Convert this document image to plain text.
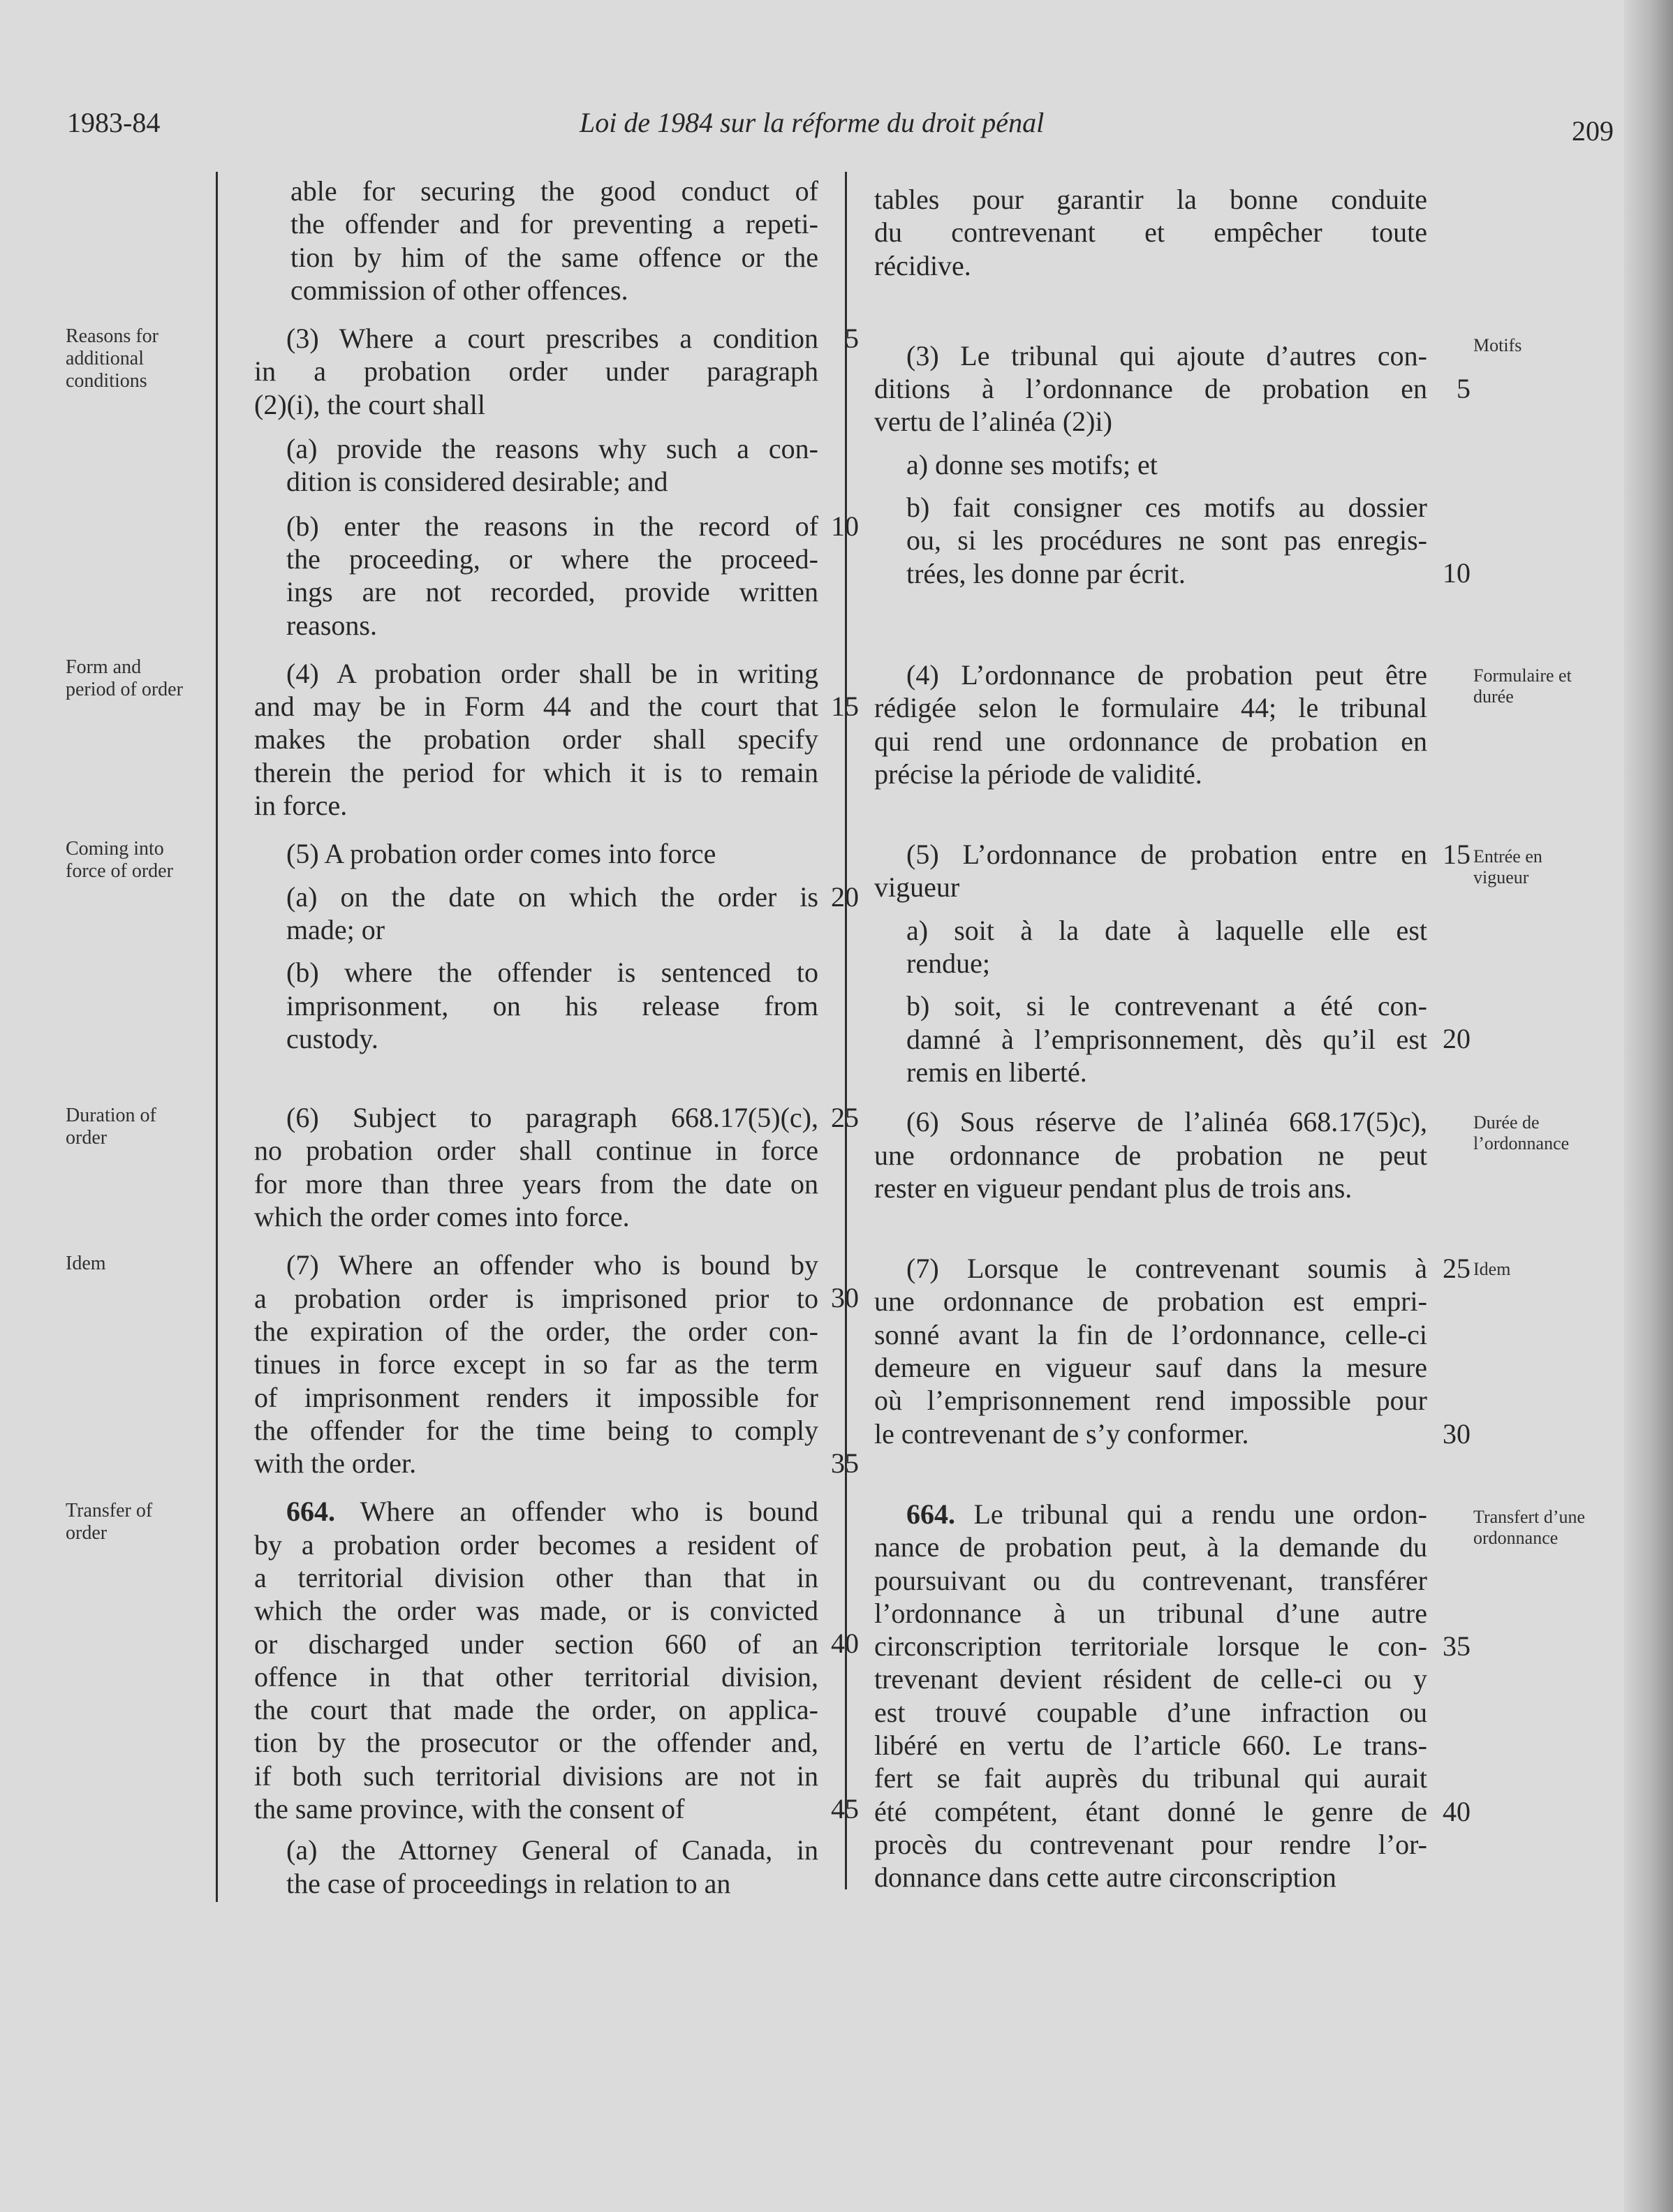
1983-84	Loi de 1984 sur la réforme du droit pénal	209
Reasons for
additional
conditions
Form and
period of order
Coming into
force of order
Duration of
order
Idem
Transfer of
order
Motifs
Formulaire et
durée
Entrée en
vigueur
Durée de
l’ordonnance
Idem
Transfert d’une
ordonnance

able for securing the good conduct of
the offender and for preventing a repeti-
tion by him of the same offence or the
commission of other offences.

5
(3) Where a court prescribes a condition
in a probation order under paragraph
(2)(i), the court shall

(a) provide the reasons why such a con-
dition is considered desirable; and

10
(b) enter the reasons in the record of
the proceeding, or where the proceed-
ings are not recorded, provide written
reasons.

15
(4) A probation order shall be in writing
and may be in Form 44 and the court that
makes the probation order shall specify
therein the period for which it is to remain
in force.

(5) A probation order comes into force

20
(a) on the date on which the order is
made; or

(b) where the offender is sentenced to
imprisonment, on his release from
custody.

25
(6) Subject to paragraph 668.17(5)(c),
no probation order shall continue in force
for more than three years from the date on
which the order comes into force.

30
35
(7) Where an offender who is bound by
a probation order is imprisoned prior to
the expiration of the order, the order con-
tinues in force except in so far as the term
of imprisonment renders it impossible for
the offender for the time being to comply
with the order.

40
45
664. Where an offender who is bound
by a probation order becomes a resident of
a territorial division other than that in
which the order was made, or is convicted
or discharged under section 660 of an
offence in that other territorial division,
the court that made the order, on applica-
tion by the prosecutor or the offender and,
if both such territorial divisions are not in
the same province, with the consent of

(a) the Attorney General of Canada, in
the case of proceedings in relation to an

tables pour garantir la bonne conduite
du contrevenant et empêcher toute
récidive.

5
(3) Le tribunal qui ajoute d’autres con-
ditions à l’ordonnance de probation en
vertu de l’alinéa (2)i)

a) donne ses motifs; et

10
b) fait consigner ces motifs au dossier
ou, si les procédures ne sont pas enregis-
trées, les donne par écrit.

(4) L’ordonnance de probation peut être
rédigée selon le formulaire 44; le tribunal
qui rend une ordonnance de probation en
précise la période de validité.

15
(5) L’ordonnance de probation entre en
vigueur

a) soit à la date à laquelle elle est
rendue;

20
b) soit, si le contrevenant a été con-
damné à l’emprisonnement, dès qu’il est
remis en liberté.

(6) Sous réserve de l’alinéa 668.17(5)c),
une ordonnance de probation ne peut
rester en vigueur pendant plus de trois ans.

25
30
(7) Lorsque le contrevenant soumis à
une ordonnance de probation est empri-
sonné avant la fin de l’ordonnance, celle-ci
demeure en vigueur sauf dans la mesure
où l’emprisonnement rend impossible pour
le contrevenant de s’y conformer.

35
40
664. Le tribunal qui a rendu une ordon-
nance de probation peut, à la demande du
poursuivant ou du contrevenant, transférer
l’ordonnance à un tribunal d’une autre
circonscription territoriale lorsque le con-
trevenant devient résident de celle-ci ou y
est trouvé coupable d’une infraction ou
libéré en vertu de l’article 660. Le trans-
fert se fait auprès du tribunal qui aurait
été compétent, étant donné le genre de
procès du contrevenant pour rendre l’or-
donnance dans cette autre circonscription
